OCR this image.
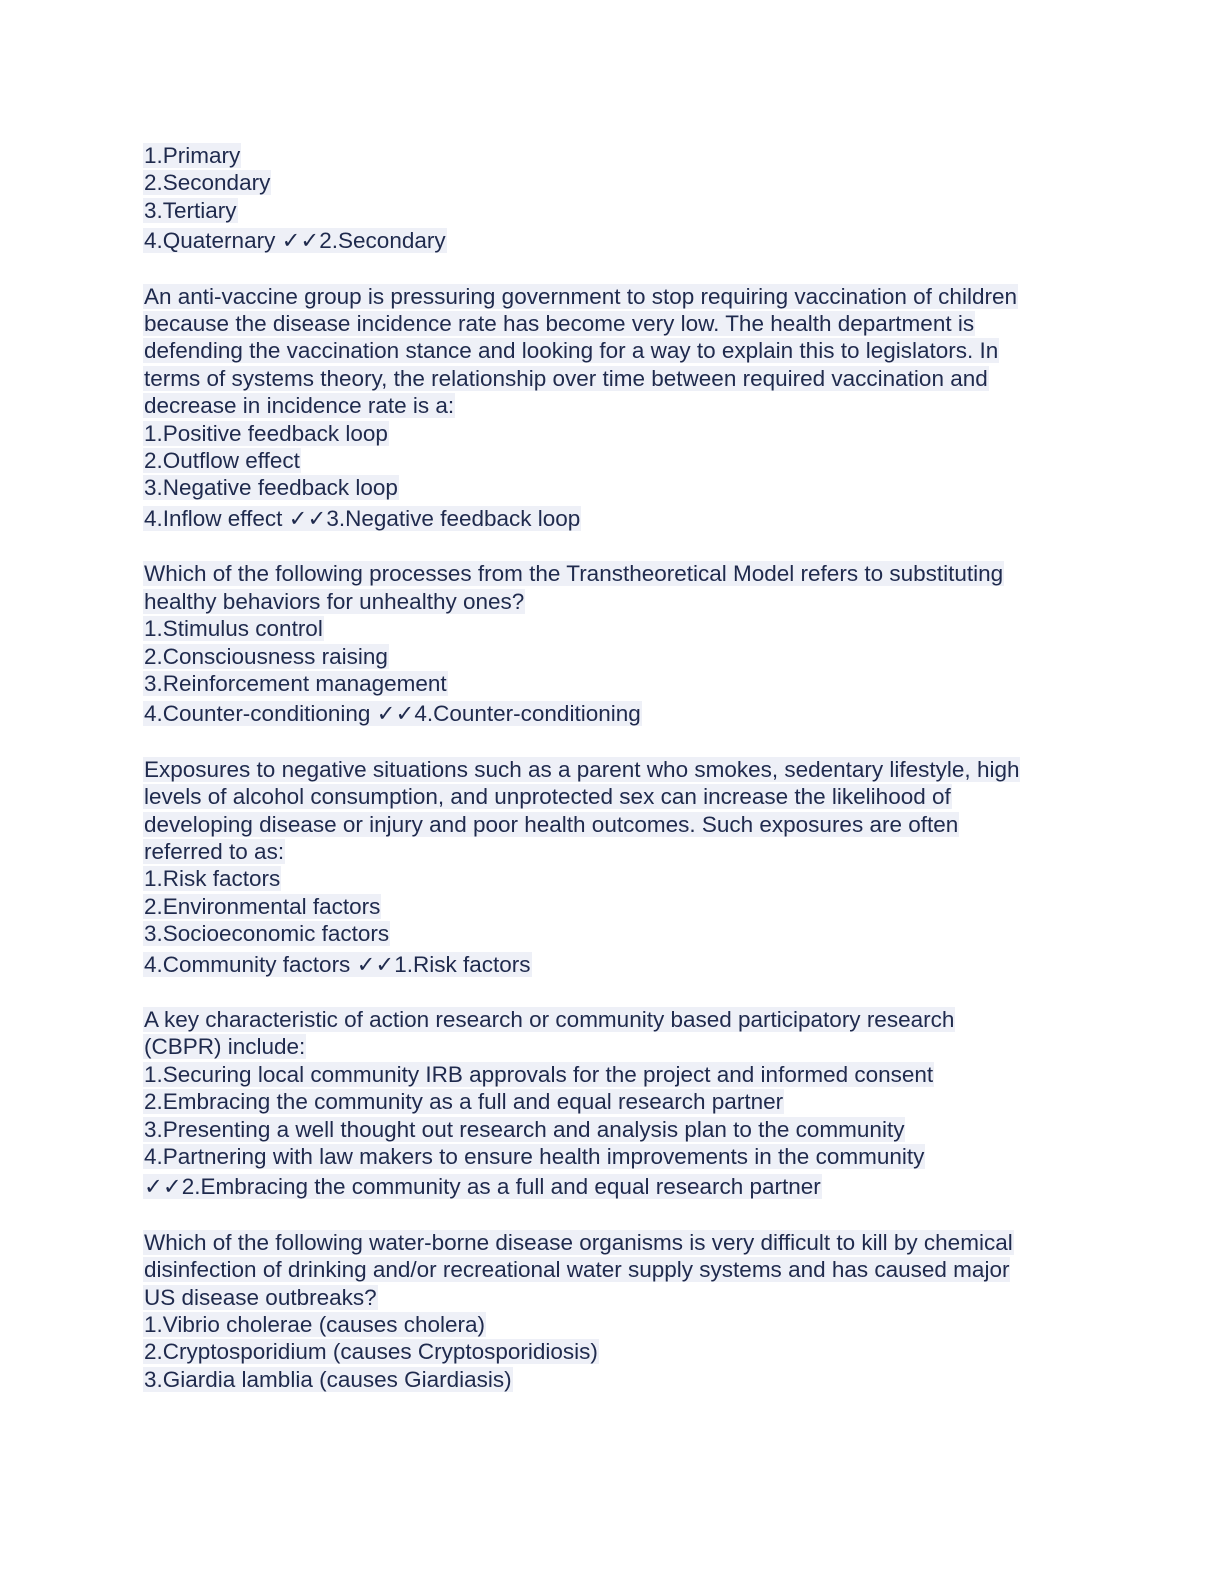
1.Primary
2.Secondary
3.Tertiary
4.Quaternary ✓✓2.Secondary
An anti-vaccine group is pressuring government to stop requiring vaccination of children
because the disease incidence rate has become very low. The health department is
defending the vaccination stance and looking for a way to explain this to legislators. In
terms of systems theory, the relationship over time between required vaccination and
decrease in incidence rate is a:
1.Positive feedback loop
2.Outflow effect
3.Negative feedback loop
4.Inflow effect ✓✓3.Negative feedback loop
Which of the following processes from the Transtheoretical Model refers to substituting
healthy behaviors for unhealthy ones?
1.Stimulus control
2.Consciousness raising
3.Reinforcement management
4.Counter-conditioning ✓✓4.Counter-conditioning
Exposures to negative situations such as a parent who smokes, sedentary lifestyle, high
levels of alcohol consumption, and unprotected sex can increase the likelihood of
developing disease or injury and poor health outcomes. Such exposures are often
referred to as:
1.Risk factors
2.Environmental factors
3.Socioeconomic factors
4.Community factors ✓✓1.Risk factors
A key characteristic of action research or community based participatory research
(CBPR) include:
1.Securing local community IRB approvals for the project and informed consent
2.Embracing the community as a full and equal research partner
3.Presenting a well thought out research and analysis plan to the community
4.Partnering with law makers to ensure health improvements in the community
✓✓2.Embracing the community as a full and equal research partner
Which of the following water-borne disease organisms is very difficult to kill by chemical
disinfection of drinking and/or recreational water supply systems and has caused major
US disease outbreaks?
1.Vibrio cholerae (causes cholera)
2.Cryptosporidium (causes Cryptosporidiosis)
3.Giardia lamblia (causes Giardiasis)
